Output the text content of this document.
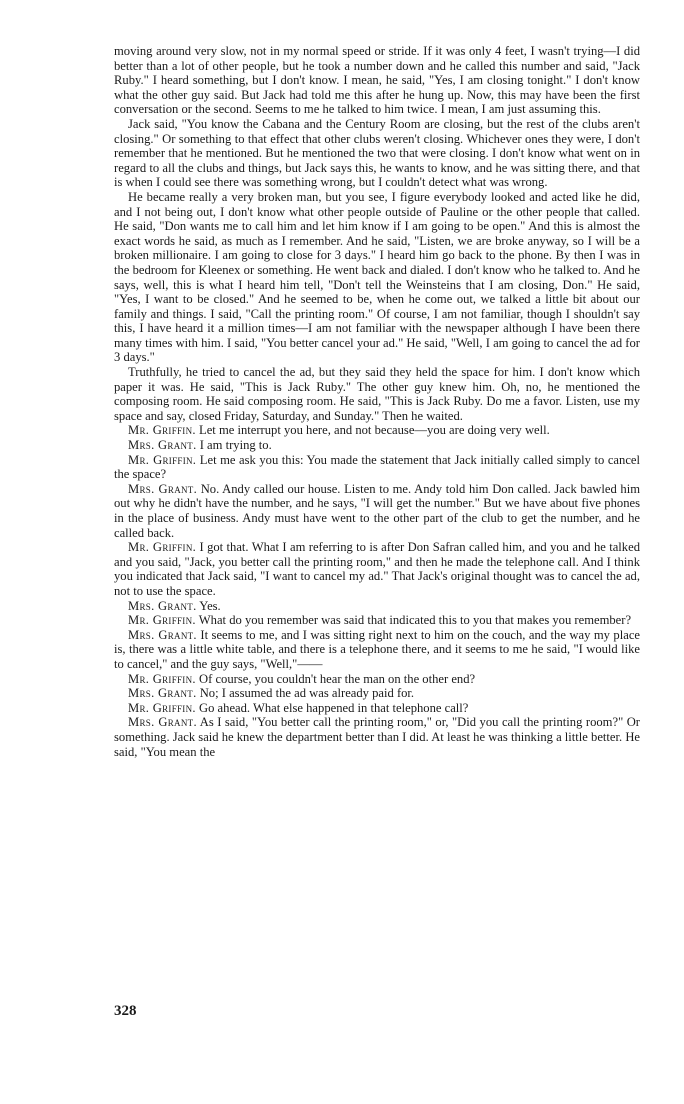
moving around very slow, not in my normal speed or stride. If it was only 4 feet, I wasn't trying—I did better than a lot of other people, but he took a number down and he called this number and said, "Jack Ruby." I heard something, but I don't know. I mean, he said, "Yes, I am closing tonight." I don't know what the other guy said. But Jack had told me this after he hung up. Now, this may have been the first conversation or the second. Seems to me he talked to him twice. I mean, I am just assuming this.

Jack said, "You know the Cabana and the Century Room are closing, but the rest of the clubs aren't closing." Or something to that effect that other clubs weren't closing. Whichever ones they were, I don't remember that he mentioned. But he mentioned the two that were closing. I don't know what went on in regard to all the clubs and things, but Jack says this, he wants to know, and he was sitting there, and that is when I could see there was something wrong, but I couldn't detect what was wrong.

He became really a very broken man, but you see, I figure everybody looked and acted like he did, and I not being out, I don't know what other people outside of Pauline or the other people that called. He said, "Don wants me to call him and let him know if I am going to be open." And this is almost the exact words he said, as much as I remember. And he said, "Listen, we are broke anyway, so I will be a broken millionaire. I am going to close for 3 days." I heard him go back to the phone. By then I was in the bedroom for Kleenex or something. He went back and dialed. I don't know who he talked to. And he says, well, this is what I heard him tell, "Don't tell the Weinsteins that I am closing, Don." He said, "Yes, I want to be closed." And he seemed to be, when he come out, we talked a little bit about our family and things. I said, "Call the printing room." Of course, I am not familiar, though I shouldn't say this, I have heard it a million times—I am not familiar with the newspaper although I have been there many times with him. I said, "You better cancel your ad." He said, "Well, I am going to cancel the ad for 3 days."

Truthfully, he tried to cancel the ad, but they said they held the space for him. I don't know which paper it was. He said, "This is Jack Ruby." The other guy knew him. Oh, no, he mentioned the composing room. He said composing room. He said, "This is Jack Ruby. Do me a favor. Listen, use my space and say, closed Friday, Saturday, and Sunday." Then he waited.

Mr. Griffin. Let me interrupt you here, and not because—you are doing very well.

Mrs. Grant. I am trying to.

Mr. Griffin. Let me ask you this: You made the statement that Jack initially called simply to cancel the space?

Mrs. Grant. No. Andy called our house. Listen to me. Andy told him Don called. Jack bawled him out why he didn't have the number, and he says, "I will get the number." But we have about five phones in the place of business. Andy must have went to the other part of the club to get the number, and he called back.

Mr. Griffin. I got that. What I am referring to is after Don Safran called him, and you and he talked and you said, "Jack, you better call the printing room," and then he made the telephone call. And I think you indicated that Jack said, "I want to cancel my ad." That Jack's original thought was to cancel the ad, not to use the space.

Mrs. Grant. Yes.

Mr. Griffin. What do you remember was said that indicated this to you that makes you remember?

Mrs. Grant. It seems to me, and I was sitting right next to him on the couch, and the way my place is, there was a little white table, and there is a telephone there, and it seems to me he said, "I would like to cancel," and the guy says, "Well,"——

Mr. Griffin. Of course, you couldn't hear the man on the other end?

Mrs. Grant. No; I assumed the ad was already paid for.

Mr. Griffin. Go ahead. What else happened in that telephone call?

Mrs. Grant. As I said, "You better call the printing room," or, "Did you call the printing room?" Or something. Jack said he knew the department better than I did. At least he was thinking a little better. He said, "You mean the

328
